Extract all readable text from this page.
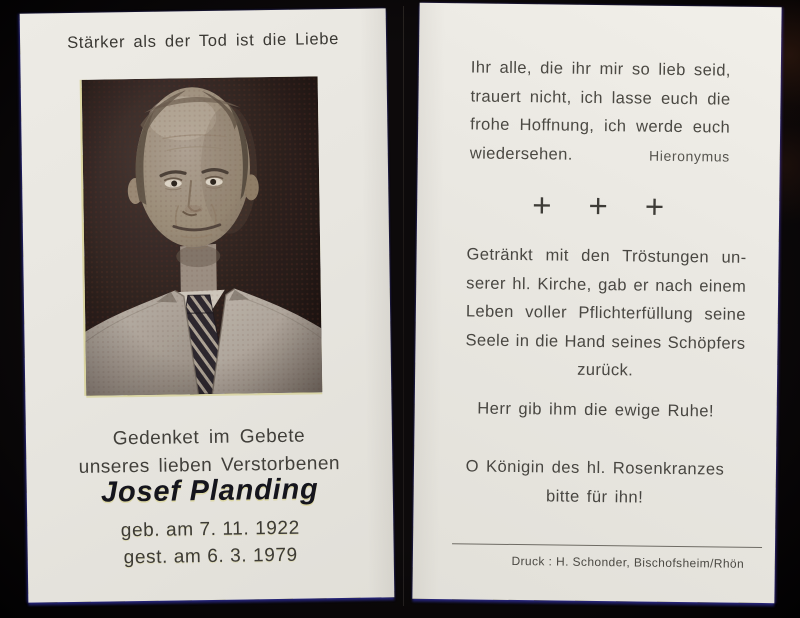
Stärker als der Tod ist die Liebe
Gedenket im Gebete
unseres lieben Verstorbenen
Josef Planding
geb. am 7. 11. 1922
gest. am 6. 3. 1979
Ihr alle, die ihr mir so lieb seid,
trauert nicht, ich lasse euch die
frohe Hoffnung, ich werde euch
wiedersehen.	Hieronymus
+ + +
Getränkt mit den Tröstungen un-
serer hl. Kirche, gab er nach einem
Leben voller Pflichterfüllung seine
Seele in die Hand seines Schöpfers
zurück.
Herr gib ihm die ewige Ruhe!
O Königin des hl. Rosenkranzes
bitte für ihn!
Druck : H. Schonder, Bischofsheim/Rhön
